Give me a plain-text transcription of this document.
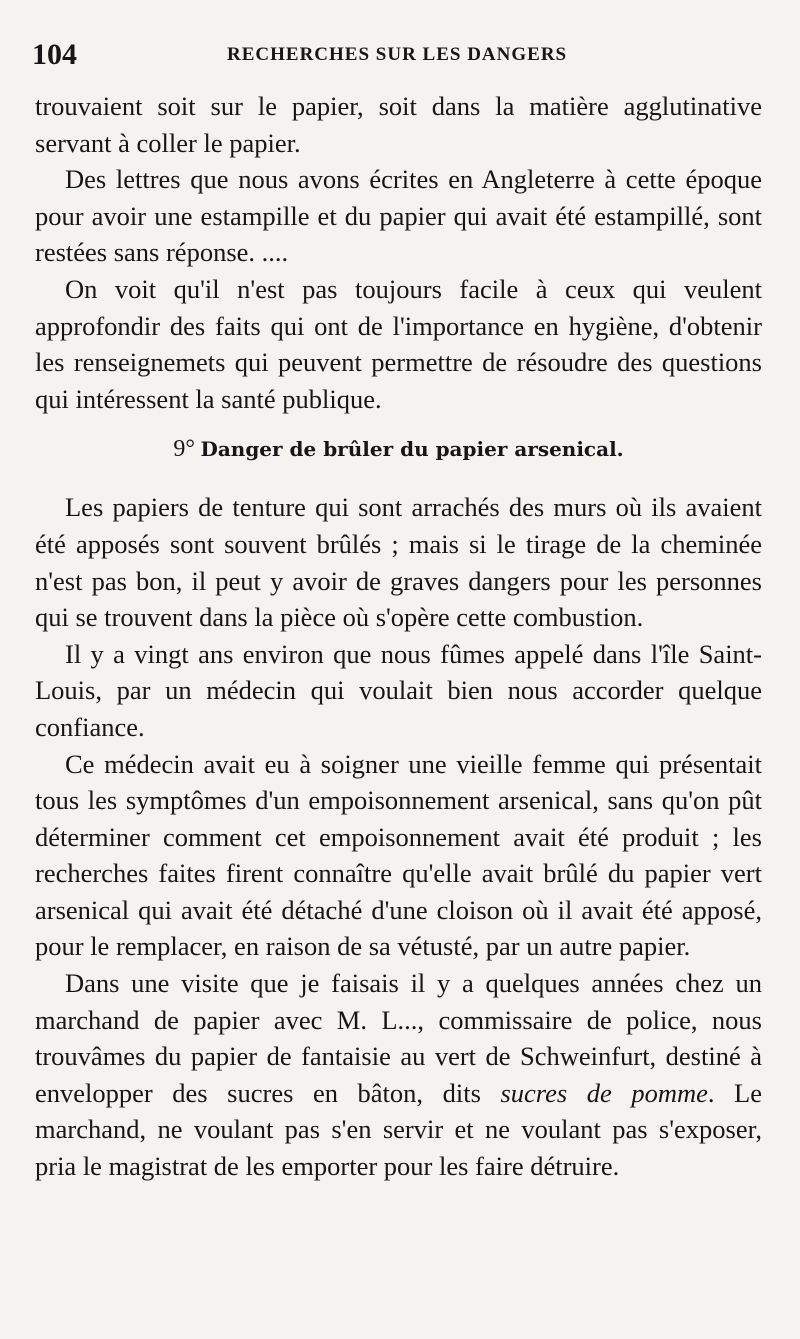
104	RECHERCHES SUR LES DANGERS

trouvaient soit sur le papier, soit dans la matière agglutinative servant à coller le papier.

Des lettres que nous avons écrites en Angleterre à cette époque pour avoir une estampille et du papier qui avait été estampillé, sont restées sans réponse. ....

On voit qu'il n'est pas toujours facile à ceux qui veulent approfondir des faits qui ont de l'importance en hygiène, d'obtenir les renseignemets qui peuvent permettre de résoudre des questions qui intéressent la santé publique.

9° Danger de brûler du papier arsenical.

Les papiers de tenture qui sont arrachés des murs où ils avaient été apposés sont souvent brûlés ; mais si le tirage de la cheminée n'est pas bon, il peut y avoir de graves dangers pour les personnes qui se trouvent dans la pièce où s'opère cette combustion.

Il y a vingt ans environ que nous fûmes appelé dans l'île Saint-Louis, par un médecin qui voulait bien nous accorder quelque confiance.

Ce médecin avait eu à soigner une vieille femme qui présentait tous les symptômes d'un empoisonnement arsenical, sans qu'on pût déterminer comment cet empoisonnement avait été produit ; les recherches faites firent connaître qu'elle avait brûlé du papier vert arsenical qui avait été détaché d'une cloison où il avait été apposé, pour le remplacer, en raison de sa vétusté, par un autre papier.

Dans une visite que je faisais il y a quelques années chez un marchand de papier avec M. L..., commissaire de police, nous trouvâmes du papier de fantaisie au vert de Schweinfurt, destiné à envelopper des sucres en bâton, dits sucres de pomme. Le marchand, ne voulant pas s'en servir et ne voulant pas s'exposer, pria le magistrat de les emporter pour les faire détruire.
